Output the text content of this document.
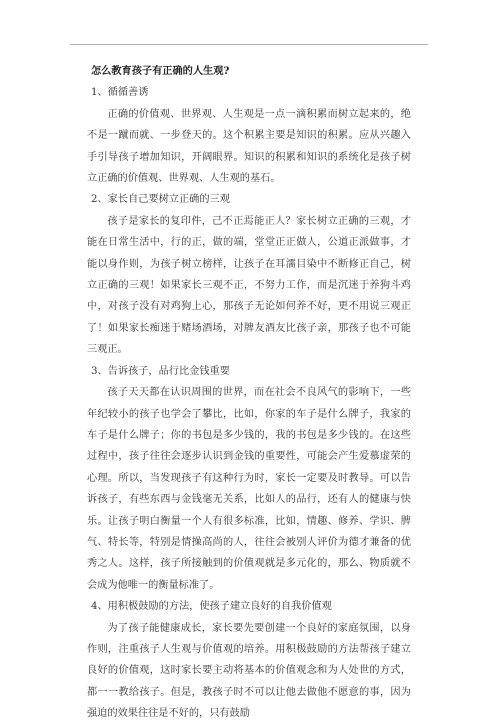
怎么教育孩子有正确的人生观?

1、循循善诱

正确的价值观、世界观、人生观是一点一滴积累而树立起来的，绝不是一蹴而就、一步登天的。这个积累主要是知识的积累。应从兴趣入手引导孩子增加知识，开阔眼界。知识的积累和知识的系统化是孩子树立正确的价值观、世界观、人生观的基石。

2、家长自己要树立正确的三观

孩子是家长的复印件，己不正焉能正人？家长树立正确的三观，才能在日常生活中，行的正，做的端，堂堂正正做人，公道正派做事，才能以身作则，为孩子树立榜样，让孩子在耳濡目染中不断修正自己，树立正确的三观！如果家长三观不正，不努力工作，而是沉迷于养狗斗鸡中，对孩子没有对鸡狗上心，那孩子无论如何养不好，更不用说三观正了！如果家长痴迷于赌场酒场，对牌友酒友比孩子亲，那孩子也不可能三观正。

3、告诉孩子，品行比金钱重要

孩子天天都在认识周围的世界，而在社会不良风气的影响下，一些年纪较小的孩子也学会了攀比，比如，你家的车子是什么牌子，我家的车子是什么牌子；你的书包是多少钱的，我的书包是多少钱的。在这些过程中，孩子往往会逐步认识到金钱的重要性，可能会产生爱慕虚荣的心理。所以，当发现孩子有这种行为时，家长一定要及时教导。可以告诉孩子，有些东西与金钱毫无关系，比如人的品行，还有人的健康与快乐。让孩子明白衡量一个人有很多标准，比如，情趣、修养、学识、脾气、特长等，特别是情操高尚的人，往往会被别人评价为德才兼备的优秀之人。这样，孩子所接触到的价值观就是多元化的，那么、物质就不会成为他唯一的衡量标准了。

4、用积极鼓励的方法，使孩子建立良好的自我价值观

为了孩子能健康成长，家长要先要创建一个良好的家庭氛围，以身作则，注重孩子人生观与价值观的培养。用积极鼓励的方法帮孩子建立良好的价值观，这时家长要主动将基本的价值观念和为人处世的方式，都一一教给孩子。但是，教孩子时不可以让他去做他不愿意的事，因为强迫的效果往往是不好的，只有鼓励
